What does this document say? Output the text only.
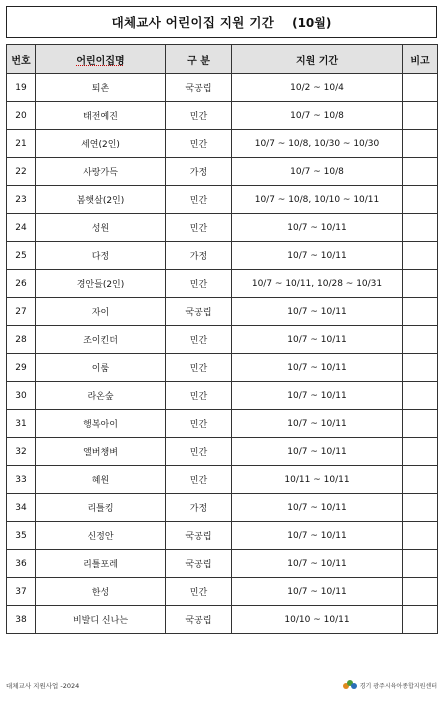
대체교사 어린이집 지원 기간 (10월)
번호	어린이집명	구 분	지원 기간	비고
19	퇴촌	국공립	10/2 ~ 10/4	
20	태전예진	민간	10/7 ~ 10/8	
21	세연(2인)	민간	10/7 ~ 10/8, 10/30 ~ 10/30	
22	사랑가득	가정	10/7 ~ 10/8	
23	봄햇살(2인)	민간	10/7 ~ 10/8, 10/10 ~ 10/11	
24	성원	민간	10/7 ~ 10/11	
25	다정	가정	10/7 ~ 10/11	
26	경안들(2인)	민간	10/7 ~ 10/11, 10/28 ~ 10/31	
27	자이	국공립	10/7 ~ 10/11	
28	조이킨더	민간	10/7 ~ 10/11	
29	이룸	민간	10/7 ~ 10/11	
30	라온숲	민간	10/7 ~ 10/11	
31	행복아이	민간	10/7 ~ 10/11	
32	앨버챙벼	민간	10/7 ~ 10/11	
33	혜원	민간	10/11 ~ 10/11	
34	리틀킹	가정	10/7 ~ 10/11	
35	신정안	국공립	10/7 ~ 10/11	
36	리틀포레	국공립	10/7 ~ 10/11	
37	한성	민간	10/7 ~ 10/11	
38	비발디 신나는	국공립	10/10 ~ 10/11	
대체교사 지원사업 -2024	경기 광주시육아종합지원센터
